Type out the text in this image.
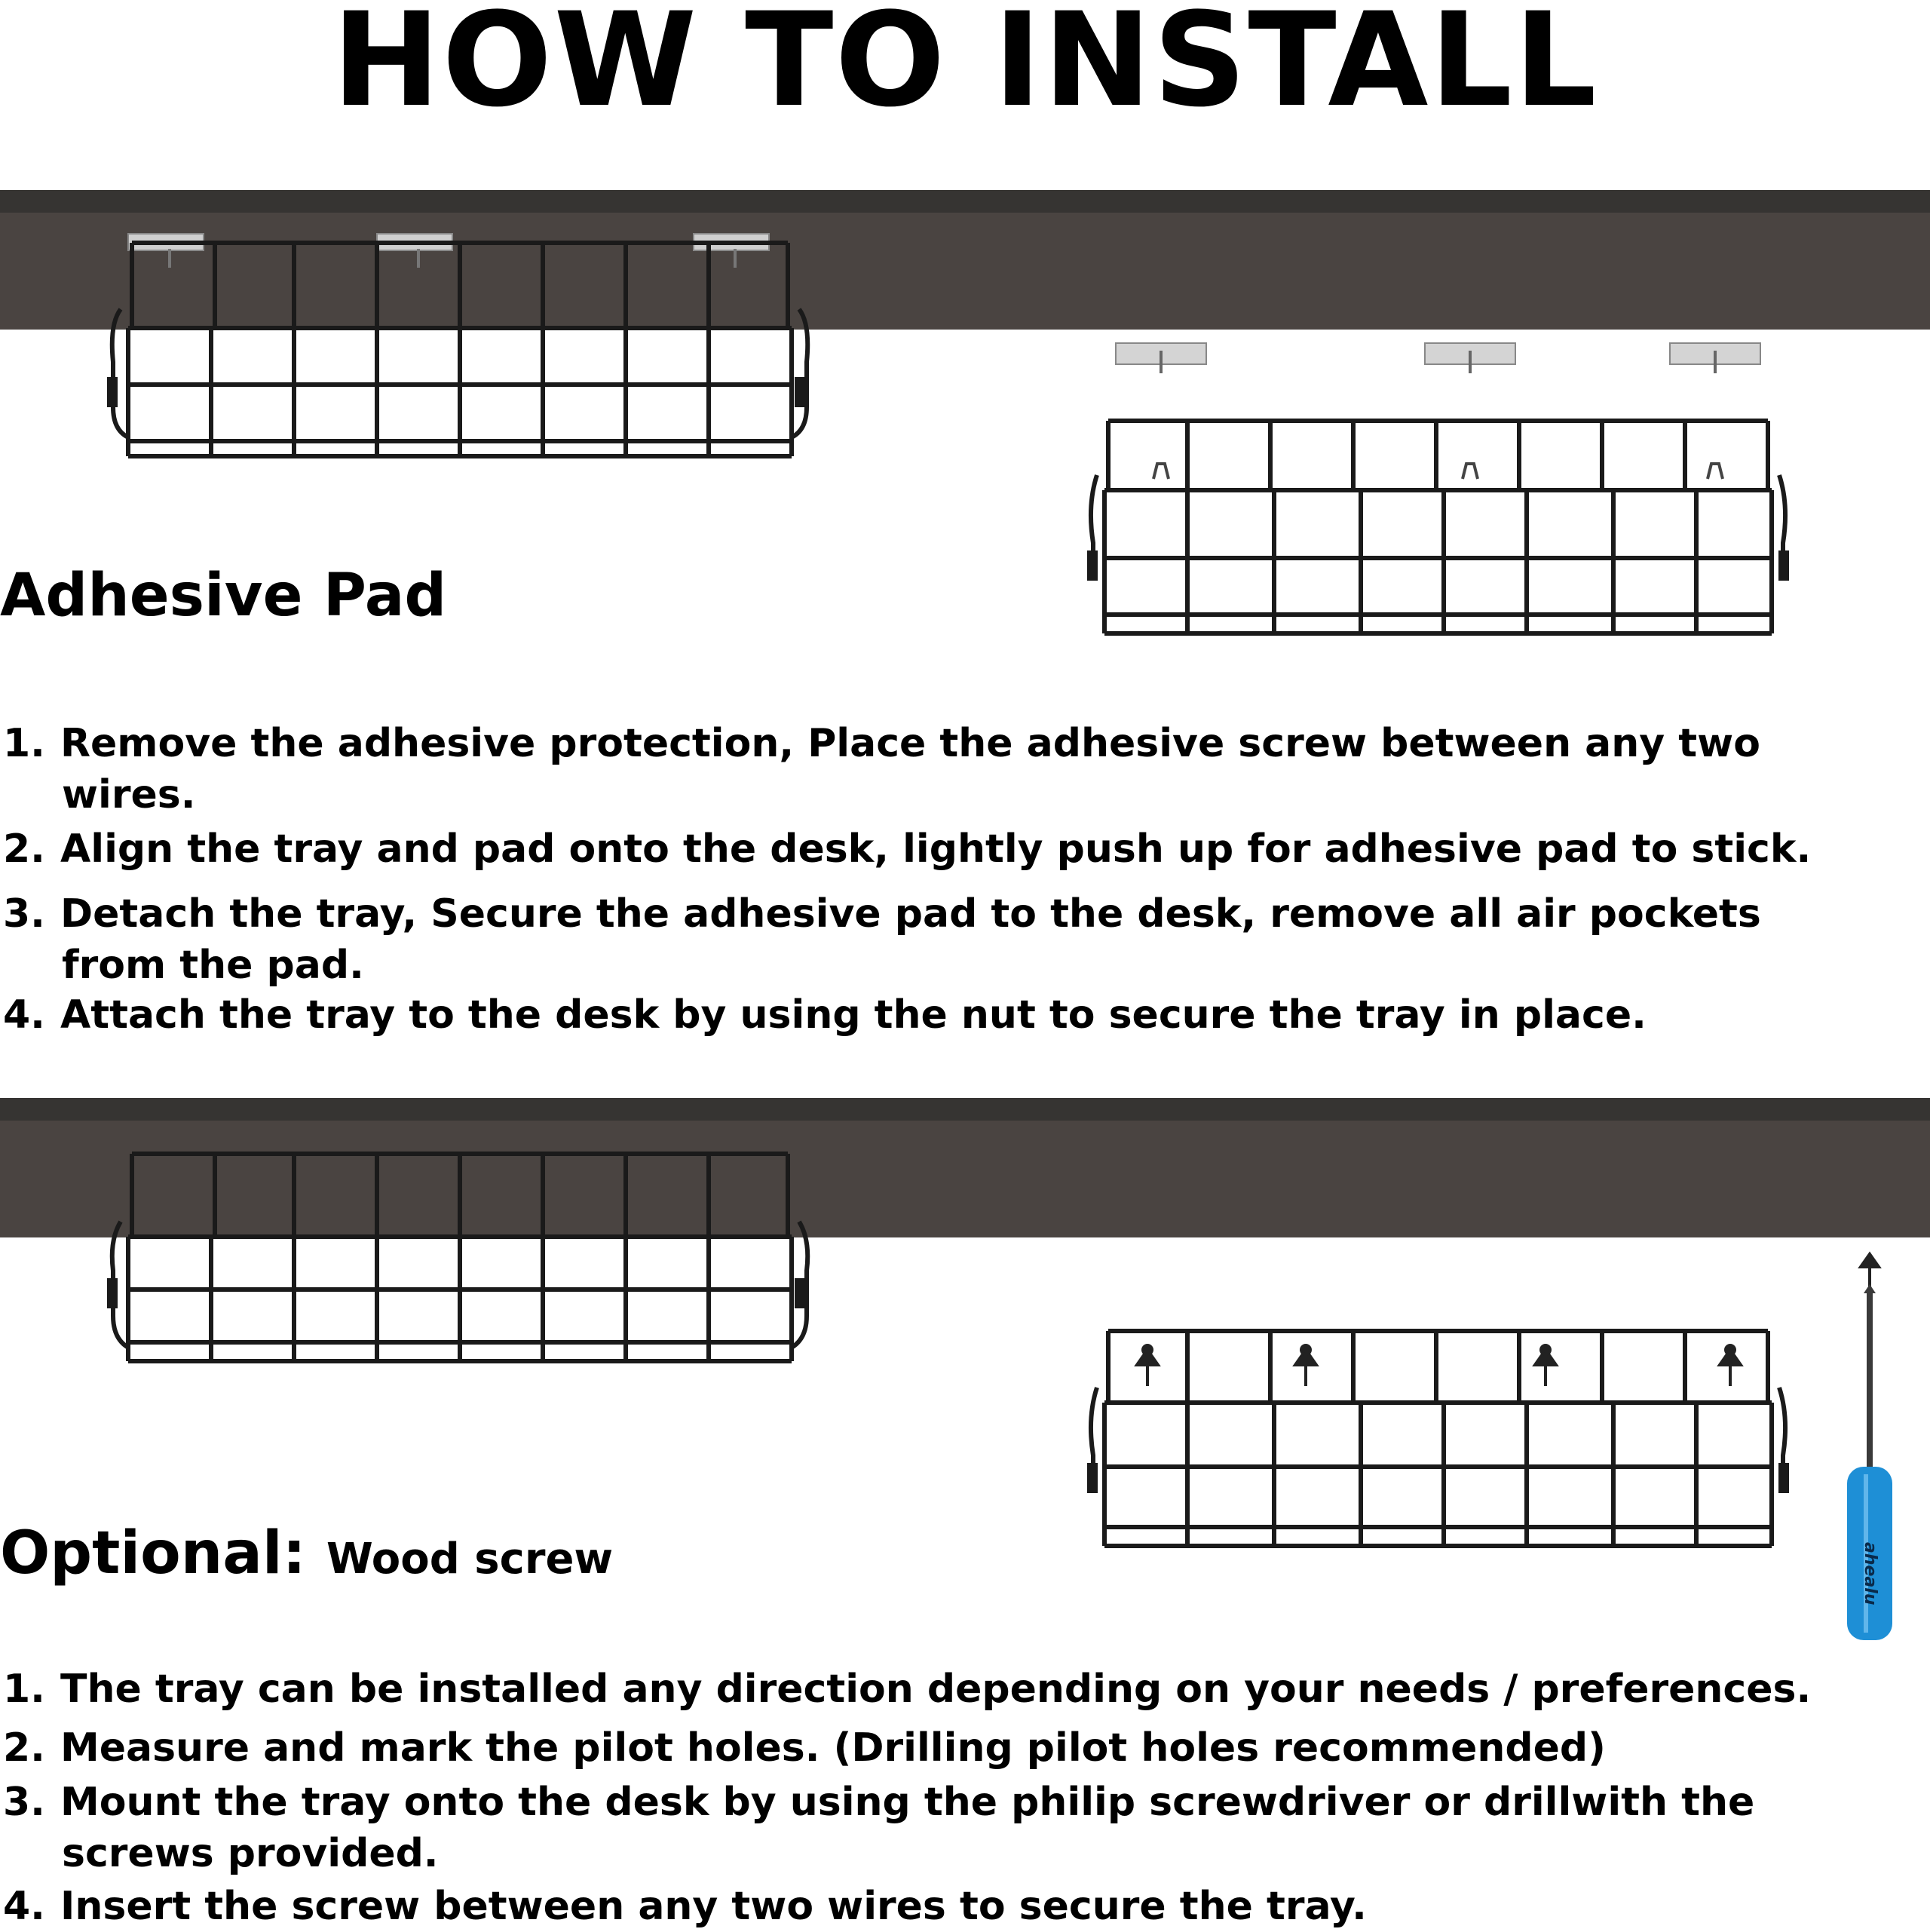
HOW TO INSTALL
Adhesive Pad
1. Remove the adhesive protection, Place the adhesive screw between any two
wires.
2. Align the tray and pad onto the desk, lightly push up for adhesive pad to stick.
3. Detach the tray, Secure the adhesive pad to the desk, remove all air pockets
from the pad.
4. Attach the tray to the desk by using the nut to secure the tray in place.
ahealu
Optional: Wood screw
1. The tray can be installed any direction depending on your needs / preferences.
2. Measure and mark the pilot holes. (Drilling pilot holes recommended)
3. Mount the tray onto the desk by using the philip screwdriver or drillwith the
screws provided.
4. Insert the screw between any two wires to secure the tray.
